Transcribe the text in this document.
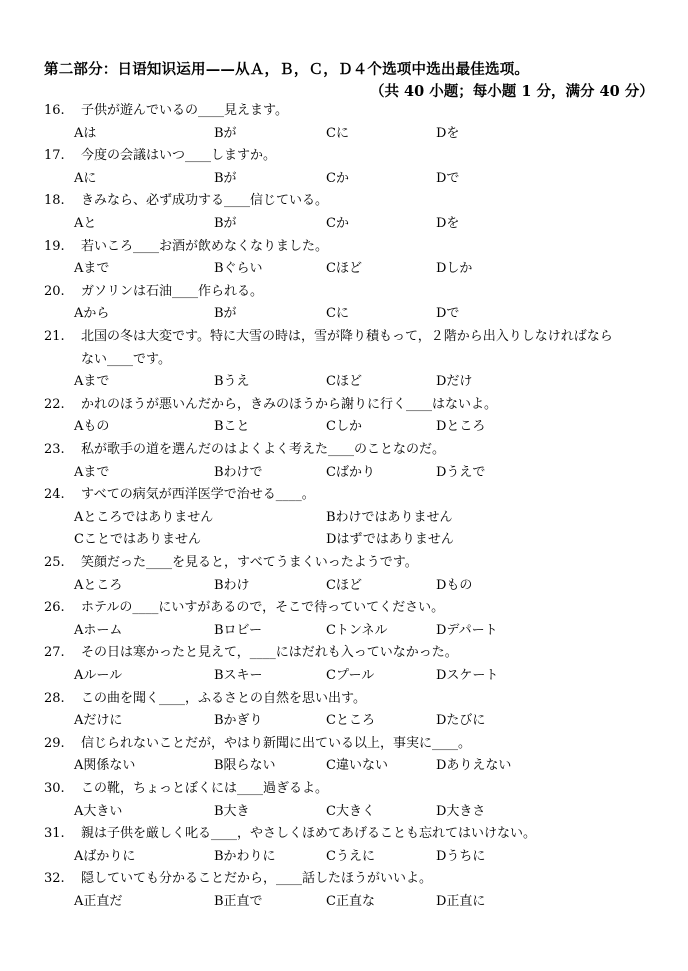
第二部分：日语知识运用——从Ａ，Ｂ，Ｃ，Ｄ４个选项中选出最佳选项。
（共 40 小题；每小题 1 分，满分 40 分）
16.	子供が遊んでいるの____見えます。
Aは	Bが	Cに	Dを
17.	今度の会議はいつ____しますか。
Aに	Bが	Cか	Dで
18.	きみなら、必ず成功する____信じている。
Aと	Bが	Cか	Dを
19.	若いころ____お酒が飲めなくなりました。
Aまで	Bぐらい	Cほど	Dしか
20.	ガソリンは石油____作られる。
Aから	Bが	Cに	Dで
21.	北国の冬は大変です。特に大雪の時は，雪が降り積もって，２階から出入りしなければなら
ない____です。
Aまで	Bうえ	Cほど	Dだけ
22.	かれのほうが悪いんだから，きみのほうから謝りに行く____はないよ。
Aもの	Bこと	Cしか	Dところ
23.	私が歌手の道を選んだのはよくよく考えた____のことなのだ。
Aまで	Bわけで	Cばかり	Dうえで
24.	すべての病気が西洋医学で治せる____。
Aところではありません	Bわけではありません
Cことではありません	Dはずではありません
25.	笑顔だった____を見ると，すべてうまくいったようです。
Aところ	Bわけ	Cほど	Dもの
26.	ホテルの____にいすがあるので，そこで待っていてください。
Aホーム	Bロビー	Cトンネル	Dデパート
27.	その日は寒かったと見えて，____にはだれも入っていなかった。
Aルール	Bスキー	Cプール	Dスケート
28.	この曲を聞く____，ふるさとの自然を思い出す。
Aだけに	Bかぎり	Cところ	Dたびに
29.	信じられないことだが，やはり新聞に出ている以上，事実に____。
A関係ない	B限らない	C違いない	Dありえない
30.	この靴，ちょっとぼくには____過ぎるよ。
A大きい	B大き	C大きく	D大きさ
31.	親は子供を厳しく叱る____，やさしくほめてあげることも忘れてはいけない。
Aばかりに	Bかわりに	Cうえに	Dうちに
32.	隠していても分かることだから，____話したほうがいいよ。
A正直だ	B正直で	C正直な	D正直に
